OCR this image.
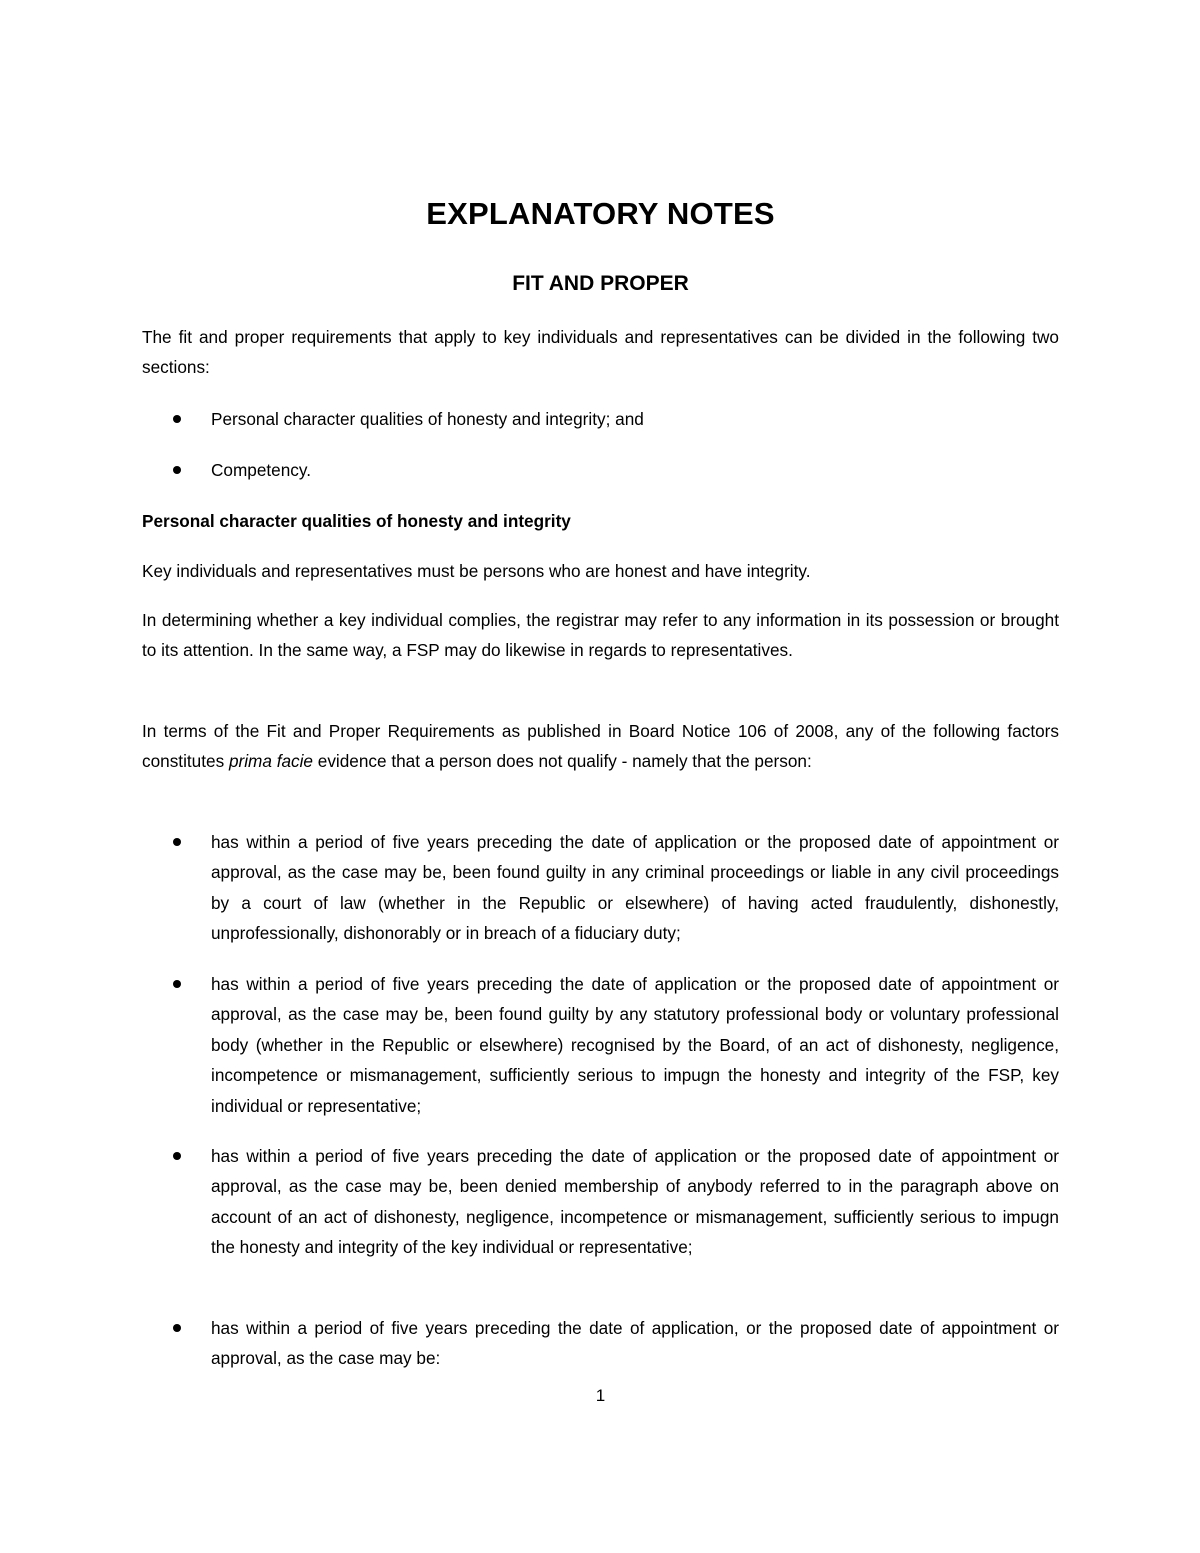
EXPLANATORY NOTES
FIT AND PROPER
The fit and proper requirements that apply to key individuals and representatives can be divided in the following two sections:
Personal character qualities of honesty and integrity; and
Competency.
Personal character qualities of honesty and integrity
Key individuals and representatives must be persons who are honest and have integrity.
In determining whether a key individual complies, the registrar may refer to any information in its possession or brought to its attention. In the same way, a FSP may do likewise in regards to representatives.
In terms of the Fit and Proper Requirements as published in Board Notice 106 of 2008, any of the following factors constitutes prima facie evidence that a person does not qualify - namely that the person:
has within a period of five years preceding the date of application or the proposed date of appointment or approval, as the case may be, been found guilty in any criminal proceedings or liable in any civil proceedings by a court of law (whether in the Republic or elsewhere) of having acted fraudulently, dishonestly, unprofessionally, dishonorably or in breach of a fiduciary duty;
has within a period of five years preceding the date of application or the proposed date of appointment or approval, as the case may be, been found guilty by any statutory professional body or voluntary professional body (whether in the Republic or elsewhere) recognised by the Board, of an act of dishonesty, negligence, incompetence or mismanagement, sufficiently serious to impugn the honesty and integrity of the FSP, key individual or representative;
has within a period of five years preceding the date of application or the proposed date of appointment or approval, as the case may be, been denied membership of anybody referred to in the paragraph above on account of an act of dishonesty, negligence, incompetence or mismanagement, sufficiently serious to impugn the honesty and integrity of the key individual or representative;
has within a period of five years preceding the date of application, or the proposed date of appointment or approval, as the case may be:
1
